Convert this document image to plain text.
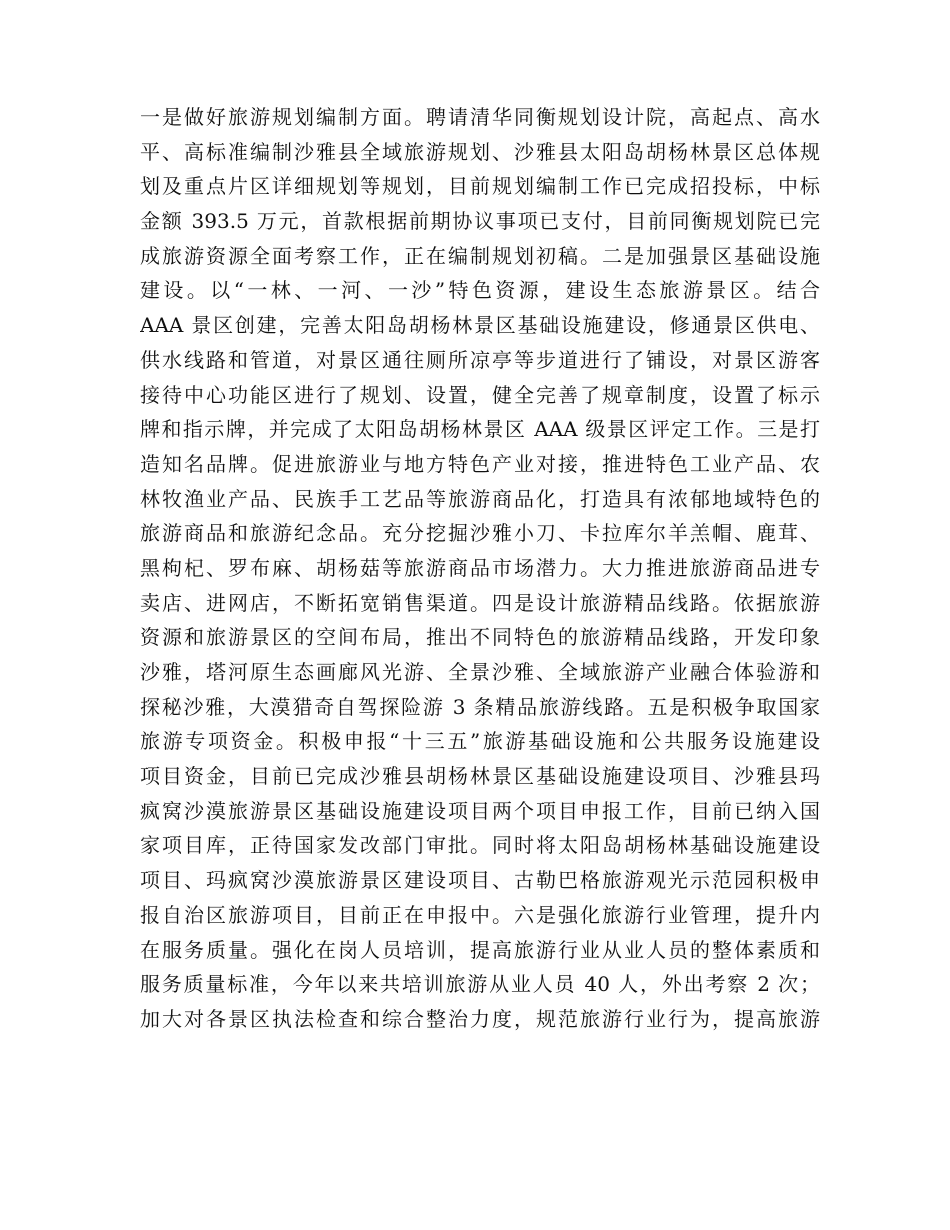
一是做好旅游规划编制方面。聘请清华同衡规划设计院，高起点、高水
平、高标准编制沙雅县全域旅游规划、沙雅县太阳岛胡杨林景区总体规
划及重点片区详细规划等规划，目前规划编制工作已完成招投标，中标
金额 393.5 万元，首款根据前期协议事项已支付，目前同衡规划院已完
成旅游资源全面考察工作，正在编制规划初稿。二是加强景区基础设施
建设。以“一林、一河、一沙”特色资源，建设生态旅游景区。结合
AAA 景区创建，完善太阳岛胡杨林景区基础设施建设，修通景区供电、
供水线路和管道，对景区通往厕所凉亭等步道进行了铺设，对景区游客
接待中心功能区进行了规划、设置，健全完善了规章制度，设置了标示
牌和指示牌，并完成了太阳岛胡杨林景区 AAA 级景区评定工作。三是打
造知名品牌。促进旅游业与地方特色产业对接，推进特色工业产品、农
林牧渔业产品、民族手工艺品等旅游商品化，打造具有浓郁地域特色的
旅游商品和旅游纪念品。充分挖掘沙雅小刀、卡拉库尔羊羔帽、鹿茸、
黑枸杞、罗布麻、胡杨菇等旅游商品市场潜力。大力推进旅游商品进专
卖店、进网店，不断拓宽销售渠道。四是设计旅游精品线路。依据旅游
资源和旅游景区的空间布局，推出不同特色的旅游精品线路，开发印象
沙雅，塔河原生态画廊风光游、全景沙雅、全域旅游产业融合体验游和
探秘沙雅，大漠猎奇自驾探险游 3 条精品旅游线路。五是积极争取国家
旅游专项资金。积极申报“十三五”旅游基础设施和公共服务设施建设
项目资金，目前已完成沙雅县胡杨林景区基础设施建设项目、沙雅县玛
疯窝沙漠旅游景区基础设施建设项目两个项目申报工作，目前已纳入国
家项目库，正待国家发改部门审批。同时将太阳岛胡杨林基础设施建设
项目、玛疯窝沙漠旅游景区建设项目、古勒巴格旅游观光示范园积极申
报自治区旅游项目，目前正在申报中。六是强化旅游行业管理，提升内
在服务质量。强化在岗人员培训，提高旅游行业从业人员的整体素质和
服务质量标准，今年以来共培训旅游从业人员 40 人，外出考察 2 次；
加大对各景区执法检查和综合整治力度，规范旅游行业行为，提高旅游
